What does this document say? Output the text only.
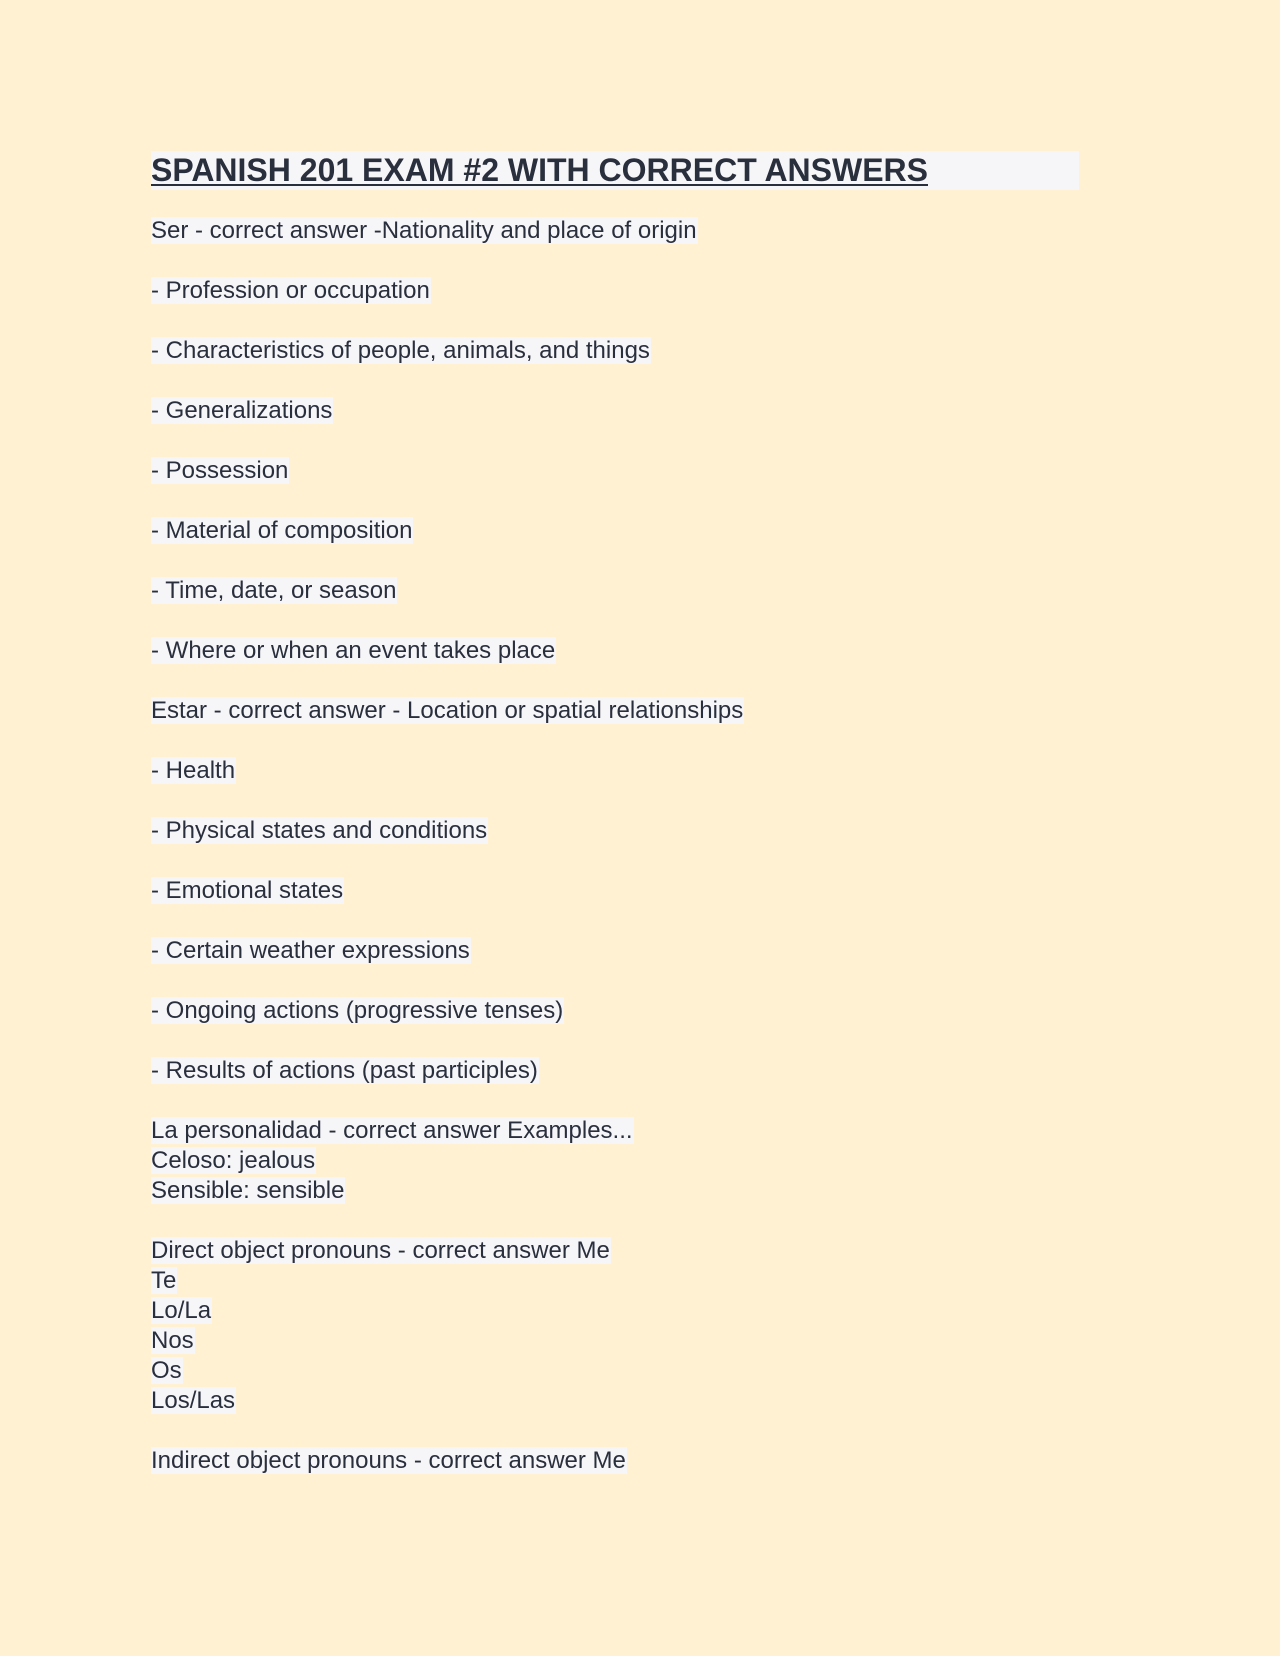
SPANISH 201 EXAM #2 WITH CORRECT ANSWERS
Ser - correct answer -Nationality and place of origin
- Profession or occupation
- Characteristics of people, animals, and things
- Generalizations
- Possession
- Material of composition
- Time, date, or season
- Where or when an event takes place
Estar - correct answer - Location or spatial relationships
- Health
- Physical states and conditions
- Emotional states
- Certain weather expressions
- Ongoing actions (progressive tenses)
- Results of actions (past participles)
La personalidad - correct answer Examples...
Celoso: jealous
Sensible: sensible
Direct object pronouns - correct answer Me
Te
Lo/La
Nos
Os
Los/Las
Indirect object pronouns - correct answer Me
